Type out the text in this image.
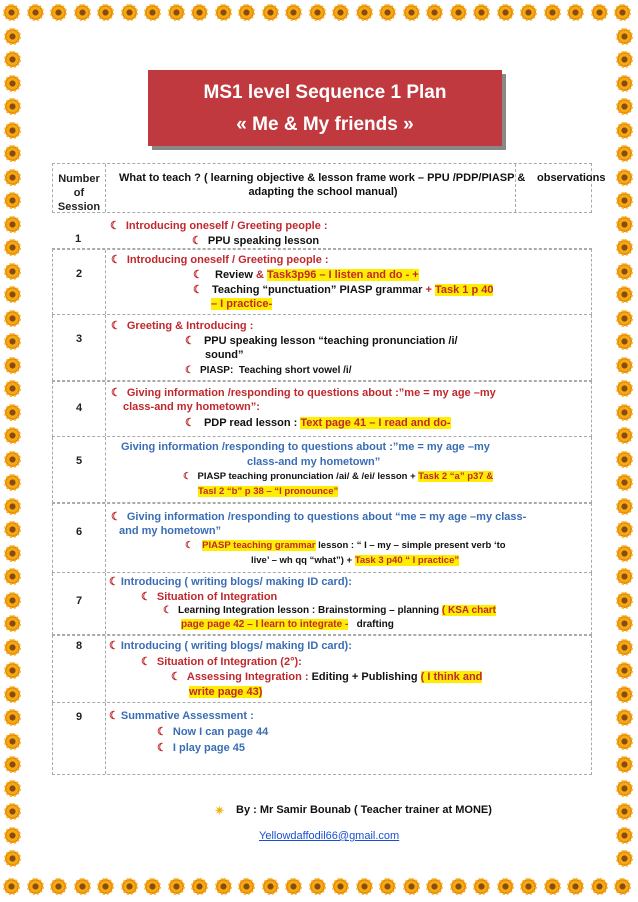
MS1 level Sequence 1 Plan
« Me & My friends »
Number
of
Session
What to teach ? ( learning objective & lesson frame work – PPU /PDP/PIASP &
adapting the school manual)
observations
1
☾ Introducing oneself / Greeting people :
☾ PPU speaking lesson
2
☾ Introducing oneself / Greeting people :
☾ Review & Task3p96 – I listen and do - +
☾ Teaching “punctuation” PIASP grammar + Task 1 p 40
– I practice-
3
☾ Greeting & Introducing :
☾ PPU speaking lesson “teaching pronunciation /i/
sound”
☾ PIASP: Teaching short vowel /i/
4
☾ Giving information /responding to questions about :”me = my age –my
class-and my hometown”:
☾ PDP read lesson : Text page 41 – I read and do-
5
Giving information /responding to questions about :”me = my age –my
class-and my hometown”
☾ PIASP teaching pronunciation /ai/ & /ei/ lesson + Task 2 “a” p37 &
Tasl 2 “b” p 38 – “I pronounce”
6
☾ Giving information /responding to questions about “me = my age –my class-
and my hometown”
☾ PIASP teaching grammar lesson : “ I – my – simple present verb ‘to
live’ – wh qq “what”) + Task 3 p40 “ I practice”
7
☾ Introducing ( writing blogs/ making ID card):
☾ Situation of Integration
☾ Learning Integration lesson : Brainstorming – planning ( KSA chart
page page 42 – I learn to integrate - drafting
8	☾ Introducing ( writing blogs/ making ID card):
☾ Situation of Integration (2°):
☾ Assessing Integration : Editing + Publishing ( I think and
write page 43)
9	☾ Summative Assessment :
☾ Now I can page 44
☾ I play page 45
✷ By : Mr Samir Bounab ( Teacher trainer at MONE)
Yellowdaffodil66@gmail.com
